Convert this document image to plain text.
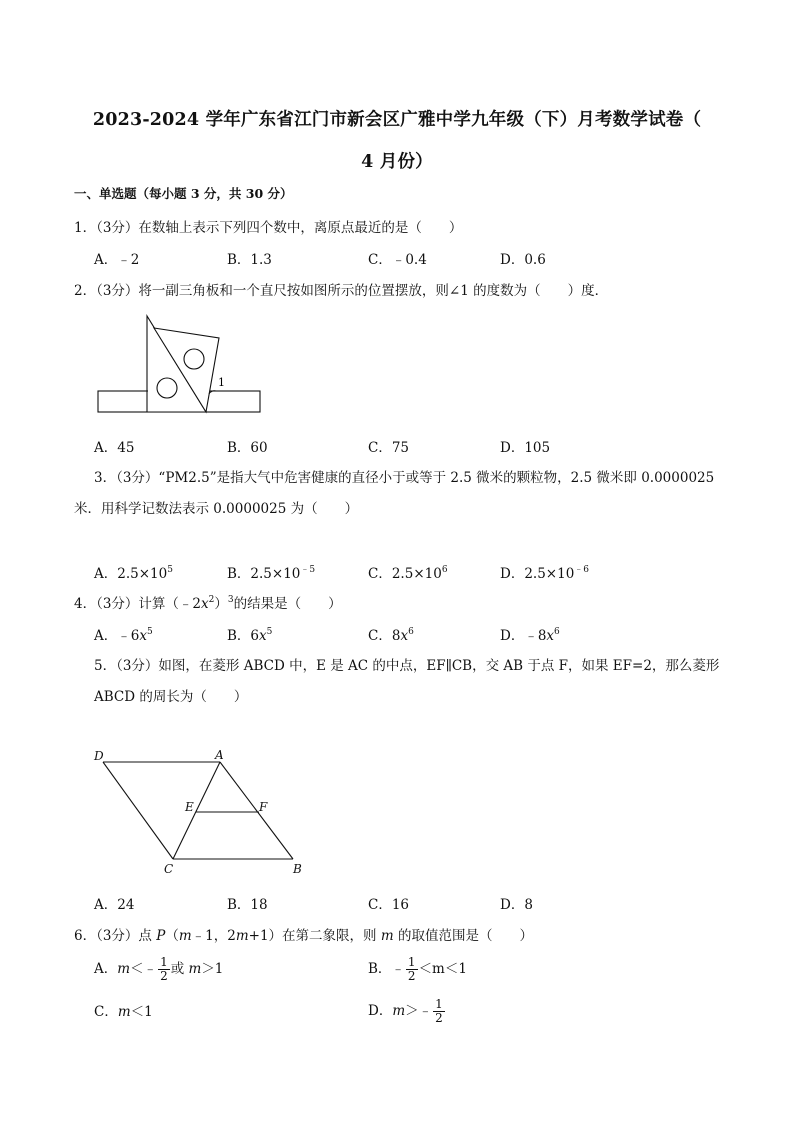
2023-2024 学年广东省江门市新会区广雅中学九年级（下）月考数学试卷（
4 月份）
一、单选题（每小题 3 分，共 30 分）
1．（3分）在数轴上表示下列四个数中，离原点最近的是（　　）
A．﹣2	B．1.3	C．﹣0.4	D．0.6
2．（3分）将一副三角板和一个直尺按如图所示的位置摆放，则∠1 的度数为（　　）度．
1
A．45	B．60	C．75	D．105
3．（3分）“PM2.5”是指大气中危害健康的直径小于或等于 2.5 微米的颗粒物，2.5 微米即 0.0000025
米．用科学记数法表示 0.0000025 为（　　）
A．$2.5\times 10^5$	B．$2.5\times 10^{﹣5}$	C．$2.5\times 10^6$	D．$2.5\times 10^{﹣6}$
4．（3分）计算$(﹣2x^2)^3$的结果是（　　）
A．$﹣6x^5$	B．$6x^5$	C．$8x^6$	D．$﹣8x^6$
5．（3分）如图，在菱形 ABCD 中，E 是 AC 的中点，EF∥CB，交 AB 于点 F，如果 EF=2，那么菱形
ABCD 的周长为（　　）
D	A
E	F
C	B
A．24	B．18	C．16	D．8
6．（3分）点 P（m﹣1，2m+1）在第二象限，则 m 的取值范围是（　　）
A．m＜﹣ $\frac{1}{2}$ 或 m＞1	B．﹣ $\frac{1}{2} <m<1$
C．m＜1	D．m＞﹣ $\frac{1}{2}$
